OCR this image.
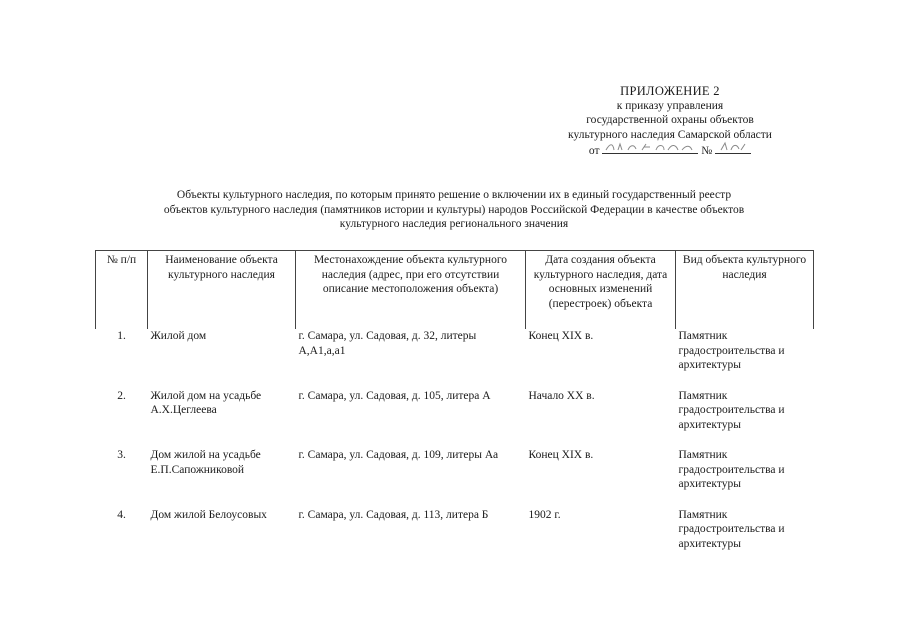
ПРИЛОЖЕНИЕ 2
к приказу управления
государственной охраны объектов
культурного наследия Самарской области
от	№
Объекты культурного наследия, по которым принято решение о включении их в единый государственный реестр
объектов культурного наследия (памятников истории и культуры) народов Российской Федерации в качестве объектов
культурного наследия регионального значения
№ п/п	Наименование объекта культурного наследия	Местонахождение объекта культурного наследия (адрес, при его отсутствии описание местоположения объекта)	Дата создания объекта культурного наследия, дата основных изменений (перестроек) объекта	Вид объекта культурного наследия
1.	Жилой дом	г. Самара, ул. Садовая, д. 32, литеры А,А1,а,а1	Конец XIX в.	Памятник градостроительства и архитектуры
2.	Жилой дом на усадьбе А.Х.Цеглеева	г. Самара, ул. Садовая, д. 105, литера А	Начало XX в.	Памятник градостроительства и архитектуры
3.	Дом жилой на усадьбе Е.П.Сапожниковой	г. Самара, ул. Садовая, д. 109, литеры Аа	Конец XIX в.	Памятник градостроительства и архитектуры
4.	Дом жилой Белоусовых	г. Самара, ул. Садовая, д. 113, литера Б	1902 г.	Памятник градостроительства и архитектуры
